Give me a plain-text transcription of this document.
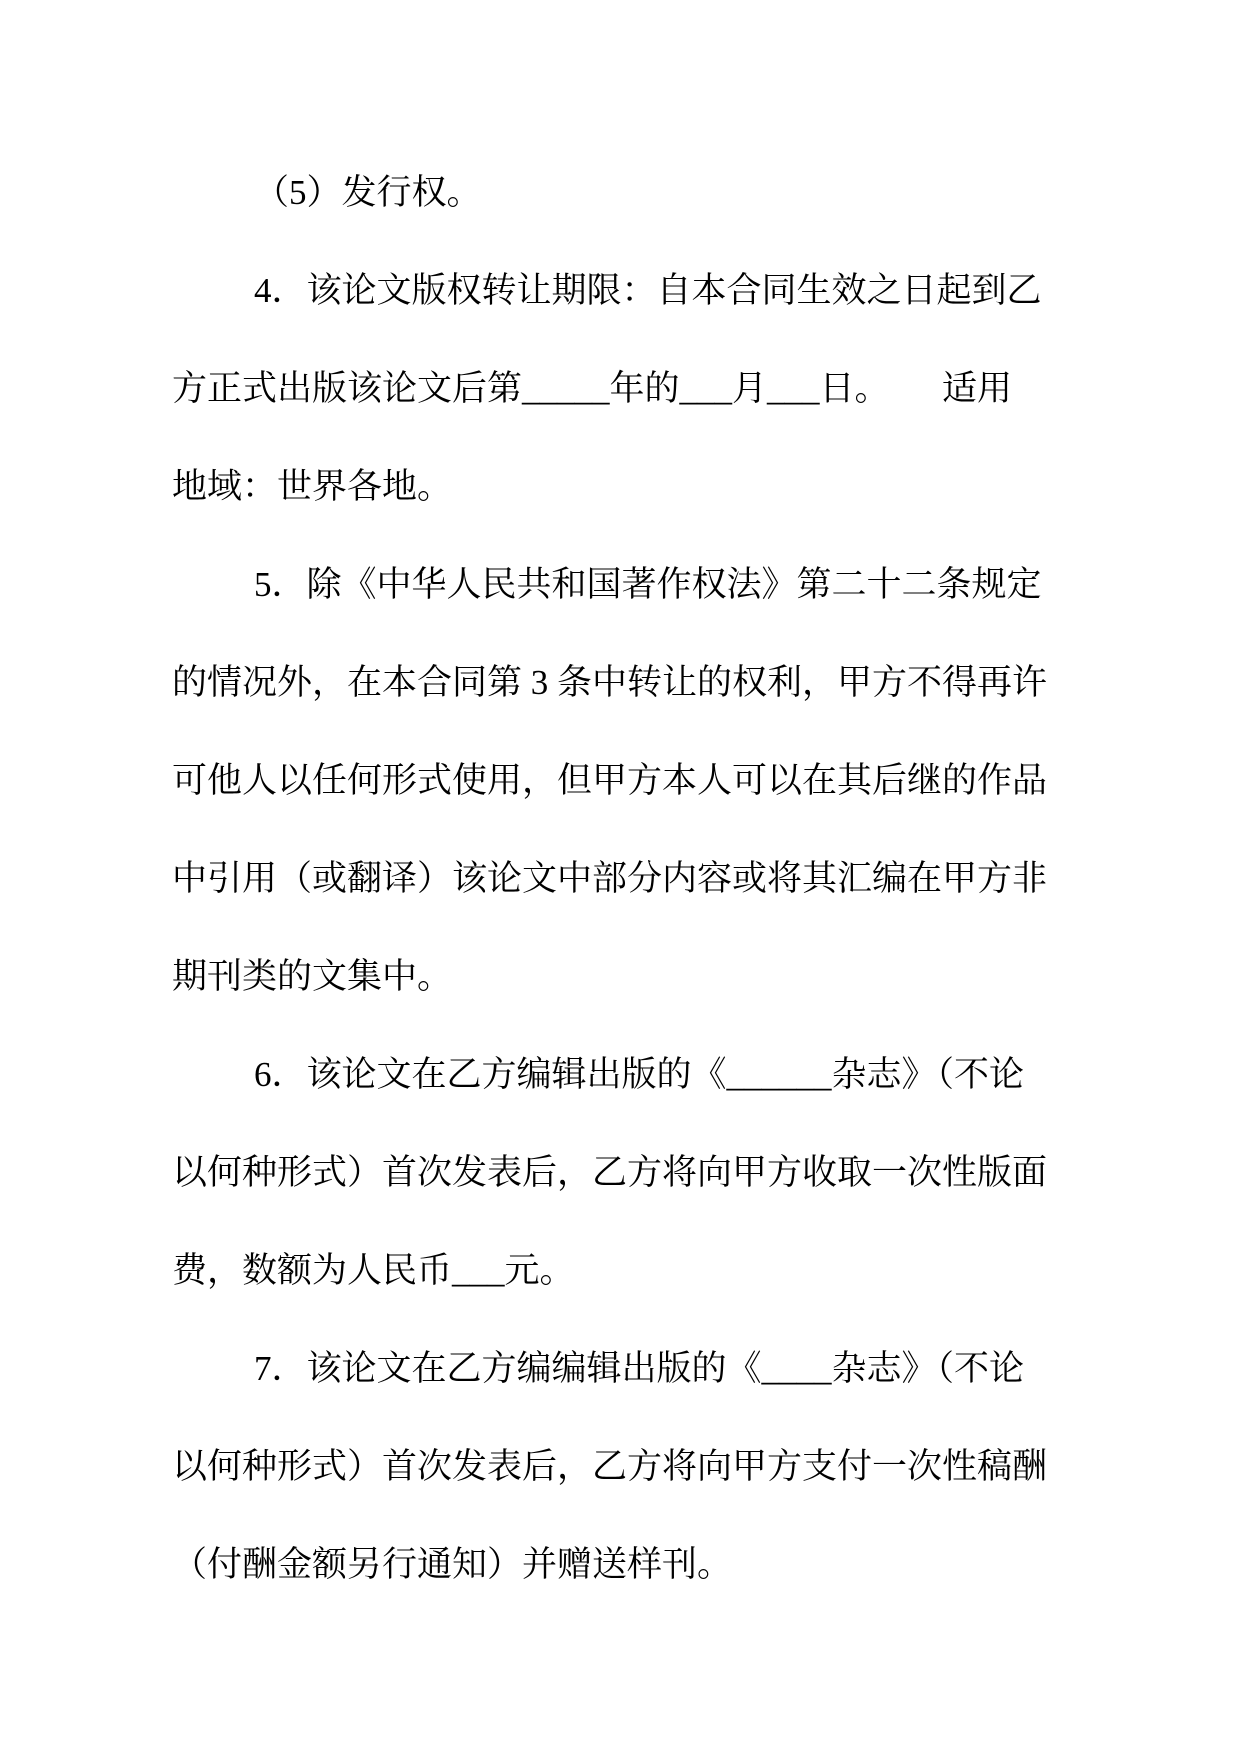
（5）发行权。
4．该论文版权转让期限：自本合同生效之日起到乙
方正式出版该论文后第_____年的___月___日。　　适用
地域：世界各地。
5．除《中华人民共和国著作权法》第二十二条规定
的情况外，在本合同第 3 条中转让的权利，甲方不得再许
可他人以任何形式使用，但甲方本人可以在其后继的作品
中引用（或翻译）该论文中部分内容或将其汇编在甲方非
期刊类的文集中。
6．该论文在乙方编辑出版的《______杂志》（不论
以何种形式）首次发表后，乙方将向甲方收取一次性版面
费，数额为人民币___元。
7．该论文在乙方编编辑出版的《____杂志》（不论
以何种形式）首次发表后，乙方将向甲方支付一次性稿酬
（付酬金额另行通知）并赠送样刊。
